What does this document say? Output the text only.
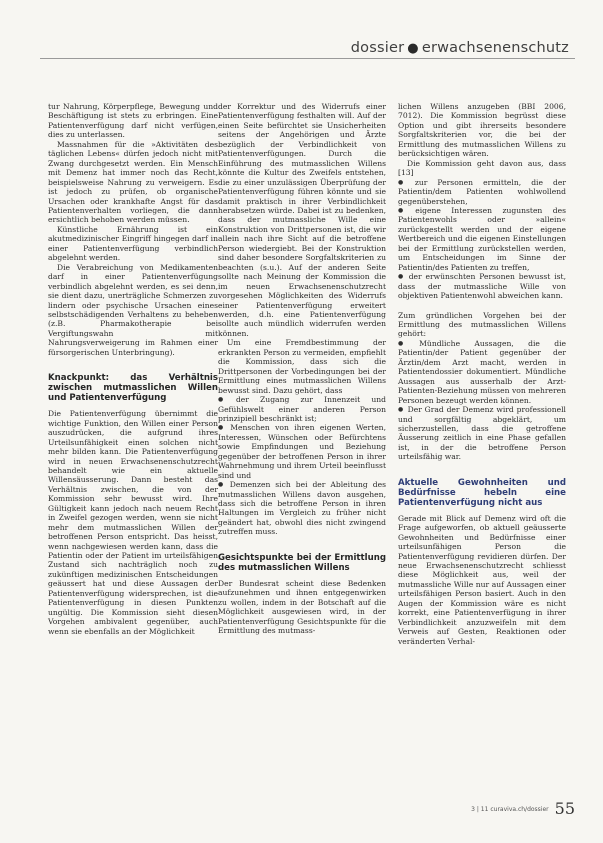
dossier ● erwachsenenschutz

tur Nahrung, Körperpflege, Bewegung und Beschäftigung ist stets zu erbringen. Eine Patientenverfügung darf nicht verfügen, dies zu unterlassen.

Massnahmen für die »Aktivitäten des täglichen Lebens« dürfen jedoch nicht mit Zwang durchgesetzt werden. Ein Mensch mit Demenz hat immer noch das Recht, beispielsweise Nahrung zu verweigern. Es ist jedoch zu prüfen, ob organische Ursachen oder krankhafte Angst für das Patientenverhalten vorliegen, die dann ersichtlich behoben werden müssen.

Künstliche Ernährung ist ein akutmedizinischer Eingriff hingegen darf in einer Patientenverfügung verbindlich abgelehnt werden.

Die Verabreichung von Medikamenten darf in einer Patientenverfügung verbindlich abgelehnt werden, es sei denn, sie dient dazu, unerträgliche Schmerzen zu lindern oder psychische Ursachen eines selbstschädigenden Verhaltens zu beheben (z.B. Pharmakotherapie bei Vergiftungswahn mit Nahrungsverweigerung im Rahmen einer fürsorgerischen Unterbringung).

Knackpunkt: das Verhältnis zwischen mutmasslichen Willen und Patientenverfügung

Die Patientenverfügung übernimmt die wichtige Funktion, den Willen einer Person auszudrücken, die aufgrund ihres Urteilsunfähigkeit einen solchen nicht mehr bilden kann. Die Patientenverfügung wird in neuen Erwachsenenschutzrecht behandelt wie ein aktuelle Willensäusserung. Dann besteht das Verhältnis zwischen, die von der Kommission sehr bewusst wird. Ihre Gültigkeit kann jedoch nach neuem Recht in Zweifel gezogen werden, wenn sie nicht mehr dem mutmasslichen Willen der betroffenen Person entspricht. Das heisst, wenn nachgewiesen werden kann, dass die Patientin oder der Patient im urteilsfähigen Zustand sich nachträglich noch zu zukünftigen medizinischen Entscheidungen geäussert hat und diese Aussagen der Patientenverfügung widersprechen, ist die Patientenverfügung in diesen Punkten ungültig. Die Kommission sieht diesen Vorgehen ambivalent gegenüber, auch wenn sie ebenfalls an der Möglichkeit

der Korrektur und des Widerrufs einer Patientenverfügung festhalten will. Auf der einen Seite befürchtet sie Unsicherheiten seitens der Angehörigen und Ärzte bezüglich der Verbindlichkeit von Patientenverfügungen. Durch die Einführung des mutmasslichen Willens könnte die Kultur des Zweifels entstehen, die zu einer unzulässigen Überprüfung der Patientenverfügung führen könnte und sie damit praktisch in ihrer Verbindlichkeit herabsetzen würde. Dabei ist zu bedenken, dass der mutmassliche Wille eine Konstruktion von Drittpersonen ist, die wir allein nach ihre Sicht auf die betroffene Person wiedergiebt. Bei der Konstruktion sind daher besondere Sorgfaltskriterien zu beachten (s.u.). Auf der anderen Seite sollte nach Meinung der Kommission die im neuen Erwachsenenschutzrecht vorgesehen Möglichkeiten des Widerrufs einer Patientenverfügung erweitert werden, d.h. eine Patientenverfügung sollte auch mündlich widerrufen werden können.

Um eine Fremdbestimmung der erkrankten Person zu vermeiden, empfiehlt die Kommission, dass sich die Drittpersonen der Vorbedingungen bei der Ermittlung eines mutmasslichen Willens bewusst sind. Dazu gehört, dass

● der Zugang zur Innenzeit und Gefühlswelt einer anderen Person prinzipiell beschränkt ist;
● Menschen von ihren eigenen Werten, Interessen, Wünschen oder Befürchtens sowie Empfindungen und Beziehung gegenüber der betroffenen Person in ihrer Wahrnehmung und ihrem Urteil beeinflusst sind und
● Demenzen sich bei der Ableitung des mutmasslichen Willens davon ausgehen, dass sich die betroffene Person in ihren Haltungen im Vergleich zu früher nicht geändert hat, obwohl dies nicht zwingend zutreffen muss.
Gesichtspunkte bei der Ermittlung des mutmasslichen Willens

Der Bundesrat scheint diese Bedenken aufzunehmen und ihnen entgegenwirken zu wollen, indem in der Botschaft auf die Möglichkeit ausgewiesen wird, in der Patientenverfügung Gesichtspunkte für die Ermittlung des mutmass-

lichen Willens anzugeben (BBI 2006, 7012). Die Kommission begrüsst diese Option und gibt ihrerseits besondere Sorgfaltskriterien vor, die bei der Ermittlung des mutmasslichen Willens zu berücksichtigen wären.

Die Kommission geht davon aus, dass [13]

● zur Personen ermitteln, die der Patientin/dem Patienten wohlwollend gegenüberstehen,
● eigene Interessen zugunsten des Patientenwohls oder »allein« zurückgestellt werden und der eigene Wertbereich und die eigenen Einstellungen bei der Ermittlung zurückstellen werden, um Entscheidungen im Sinne der Patientin/des Patienten zu treffen,
● der erwünschten Personen bewusst ist, dass der mutmassliche Wille von objektiven Patientenwohl abweichen kann.

Zum gründlichen Vorgehen bei der Ermittlung des mutmasslichen Willens gehört:

● Mündliche Aussagen, die die Patientin/der Patient gegenüber der Ärztin/dem Arzt macht, werden in Patientendossier dokumentiert. Mündliche Aussagen aus ausserhalb der Arzt-Patienten-Beziehung müssen von mehreren Personen bezeugt werden können.
● Der Grad der Demenz wird professionell und sorgfältig abgeklärt, um sicherzustellen, dass die getroffene Äusserung zeitlich in eine Phase gefallen ist, in der die betroffene Person urteilsfähig war.
Aktuelle Gewohnheiten und Bedürfnisse hebeln eine Patientenverfügung nicht aus

Gerade mit Blick auf Demenz wird oft die Frage aufgeworfen, ob aktuell geäusserte Gewohnheiten und Bedürfnisse einer urteilsunfähigen Person die Patientenverfügung revidieren dürfen. Der neue Erwachsenenschutzrecht schliesst diese Möglichkeit aus, weil der mutmassliche Wille nur auf Aussagen einer urteilsfähigen Person basiert. Auch in den Augen der Kommission wäre es nicht korrekt, eine Patientenverfügung in ihrer Verbindlichkeit anzuzweifeln mit dem Verweis auf Gesten, Reaktionen oder veränderten Verhal-

3 | 11 curaviva.ch/dossier 55
